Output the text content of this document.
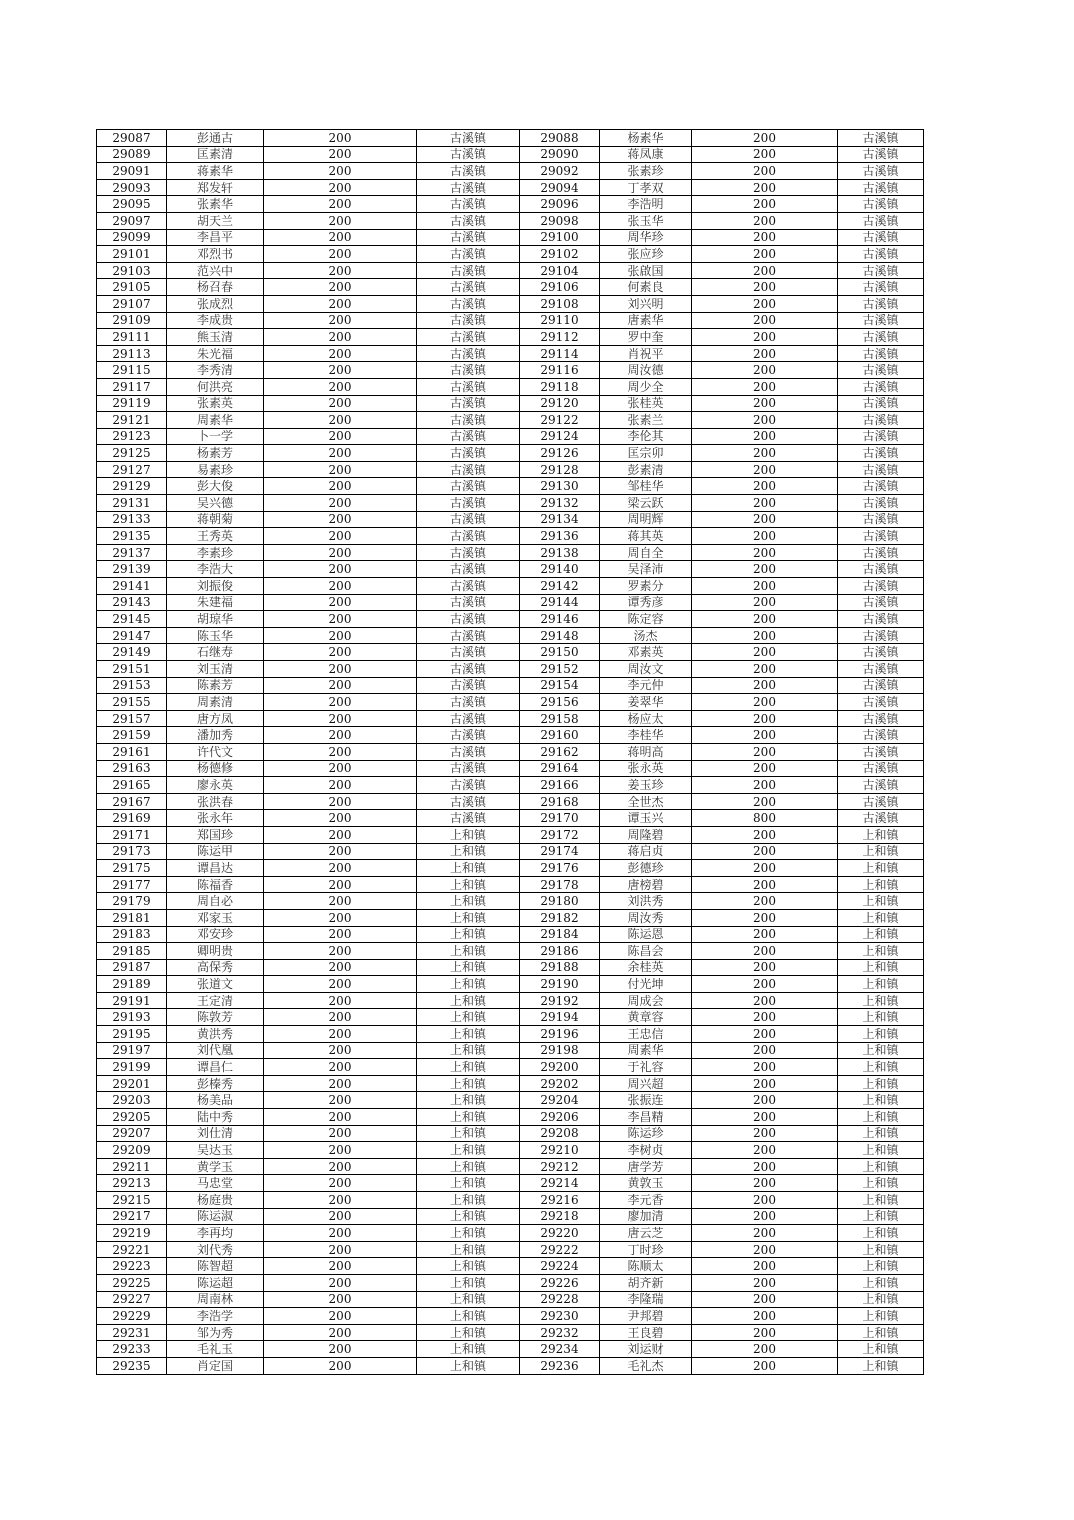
29087	彭通古	200	古溪镇	29088	杨素华	200	古溪镇
29089	匡素清	200	古溪镇	29090	蒋凤康	200	古溪镇
29091	蒋素华	200	古溪镇	29092	张素珍	200	古溪镇
29093	郑发轩	200	古溪镇	29094	丁孝双	200	古溪镇
29095	张素华	200	古溪镇	29096	李浩明	200	古溪镇
29097	胡天兰	200	古溪镇	29098	张玉华	200	古溪镇
29099	李昌平	200	古溪镇	29100	周华珍	200	古溪镇
29101	邓烈书	200	古溪镇	29102	张应珍	200	古溪镇
29103	范兴中	200	古溪镇	29104	张啟国	200	古溪镇
29105	杨召春	200	古溪镇	29106	何素良	200	古溪镇
29107	张成烈	200	古溪镇	29108	刘兴明	200	古溪镇
29109	李成贵	200	古溪镇	29110	唐素华	200	古溪镇
29111	熊玉清	200	古溪镇	29112	罗中奎	200	古溪镇
29113	朱光福	200	古溪镇	29114	肖祝平	200	古溪镇
29115	李秀清	200	古溪镇	29116	周汝德	200	古溪镇
29117	何洪亮	200	古溪镇	29118	周少全	200	古溪镇
29119	张素英	200	古溪镇	29120	张桂英	200	古溪镇
29121	周素华	200	古溪镇	29122	张素兰	200	古溪镇
29123	卜一学	200	古溪镇	29124	李伦其	200	古溪镇
29125	杨素芳	200	古溪镇	29126	匡宗卯	200	古溪镇
29127	易素珍	200	古溪镇	29128	彭素清	200	古溪镇
29129	彭大俊	200	古溪镇	29130	邹桂华	200	古溪镇
29131	吴兴德	200	古溪镇	29132	梁云跃	200	古溪镇
29133	蒋朝菊	200	古溪镇	29134	周明辉	200	古溪镇
29135	王秀英	200	古溪镇	29136	蒋其英	200	古溪镇
29137	李素珍	200	古溪镇	29138	周自全	200	古溪镇
29139	李浩大	200	古溪镇	29140	吴泽沛	200	古溪镇
29141	刘振俊	200	古溪镇	29142	罗素分	200	古溪镇
29143	朱建福	200	古溪镇	29144	谭秀彦	200	古溪镇
29145	胡琼华	200	古溪镇	29146	陈定容	200	古溪镇
29147	陈玉华	200	古溪镇	29148	汤杰	200	古溪镇
29149	石继寿	200	古溪镇	29150	邓素英	200	古溪镇
29151	刘玉清	200	古溪镇	29152	周汝文	200	古溪镇
29153	陈素芳	200	古溪镇	29154	李元仲	200	古溪镇
29155	周素清	200	古溪镇	29156	姜翠华	200	古溪镇
29157	唐方凤	200	古溪镇	29158	杨应太	200	古溪镇
29159	潘加秀	200	古溪镇	29160	李桂华	200	古溪镇
29161	许代文	200	古溪镇	29162	蒋明高	200	古溪镇
29163	杨德修	200	古溪镇	29164	张永英	200	古溪镇
29165	廖永英	200	古溪镇	29166	姜玉珍	200	古溪镇
29167	张洪春	200	古溪镇	29168	全世杰	200	古溪镇
29169	张永年	200	古溪镇	29170	谭玉兴	800	古溪镇
29171	郑国珍	200	上和镇	29172	周隆碧	200	上和镇
29173	陈运甲	200	上和镇	29174	蒋启贞	200	上和镇
29175	谭昌达	200	上和镇	29176	彭德珍	200	上和镇
29177	陈福香	200	上和镇	29178	唐榜碧	200	上和镇
29179	周自必	200	上和镇	29180	刘洪秀	200	上和镇
29181	邓家玉	200	上和镇	29182	周汝秀	200	上和镇
29183	邓安珍	200	上和镇	29184	陈运恩	200	上和镇
29185	卿明贵	200	上和镇	29186	陈昌会	200	上和镇
29187	高保秀	200	上和镇	29188	余桂英	200	上和镇
29189	张道文	200	上和镇	29190	付光坤	200	上和镇
29191	王定清	200	上和镇	29192	周成会	200	上和镇
29193	陈敦芳	200	上和镇	29194	黄章容	200	上和镇
29195	黄洪秀	200	上和镇	29196	王忠信	200	上和镇
29197	刘代凰	200	上和镇	29198	周素华	200	上和镇
29199	谭昌仁	200	上和镇	29200	于礼容	200	上和镇
29201	彭榛秀	200	上和镇	29202	周兴超	200	上和镇
29203	杨美品	200	上和镇	29204	张振连	200	上和镇
29205	陆中秀	200	上和镇	29206	李昌精	200	上和镇
29207	刘仕清	200	上和镇	29208	陈运珍	200	上和镇
29209	吴达玉	200	上和镇	29210	李树贞	200	上和镇
29211	黄学玉	200	上和镇	29212	唐学芳	200	上和镇
29213	马忠堂	200	上和镇	29214	黄敦玉	200	上和镇
29215	杨庭贵	200	上和镇	29216	李元香	200	上和镇
29217	陈运淑	200	上和镇	29218	廖加清	200	上和镇
29219	李再均	200	上和镇	29220	唐云芝	200	上和镇
29221	刘代秀	200	上和镇	29222	丁时珍	200	上和镇
29223	陈智超	200	上和镇	29224	陈顺太	200	上和镇
29225	陈运超	200	上和镇	29226	胡齐新	200	上和镇
29227	周南林	200	上和镇	29228	李隆瑞	200	上和镇
29229	李浩学	200	上和镇	29230	尹邦碧	200	上和镇
29231	邹为秀	200	上和镇	29232	王良碧	200	上和镇
29233	毛礼玉	200	上和镇	29234	刘运财	200	上和镇
29235	肖定国	200	上和镇	29236	毛礼杰	200	上和镇
